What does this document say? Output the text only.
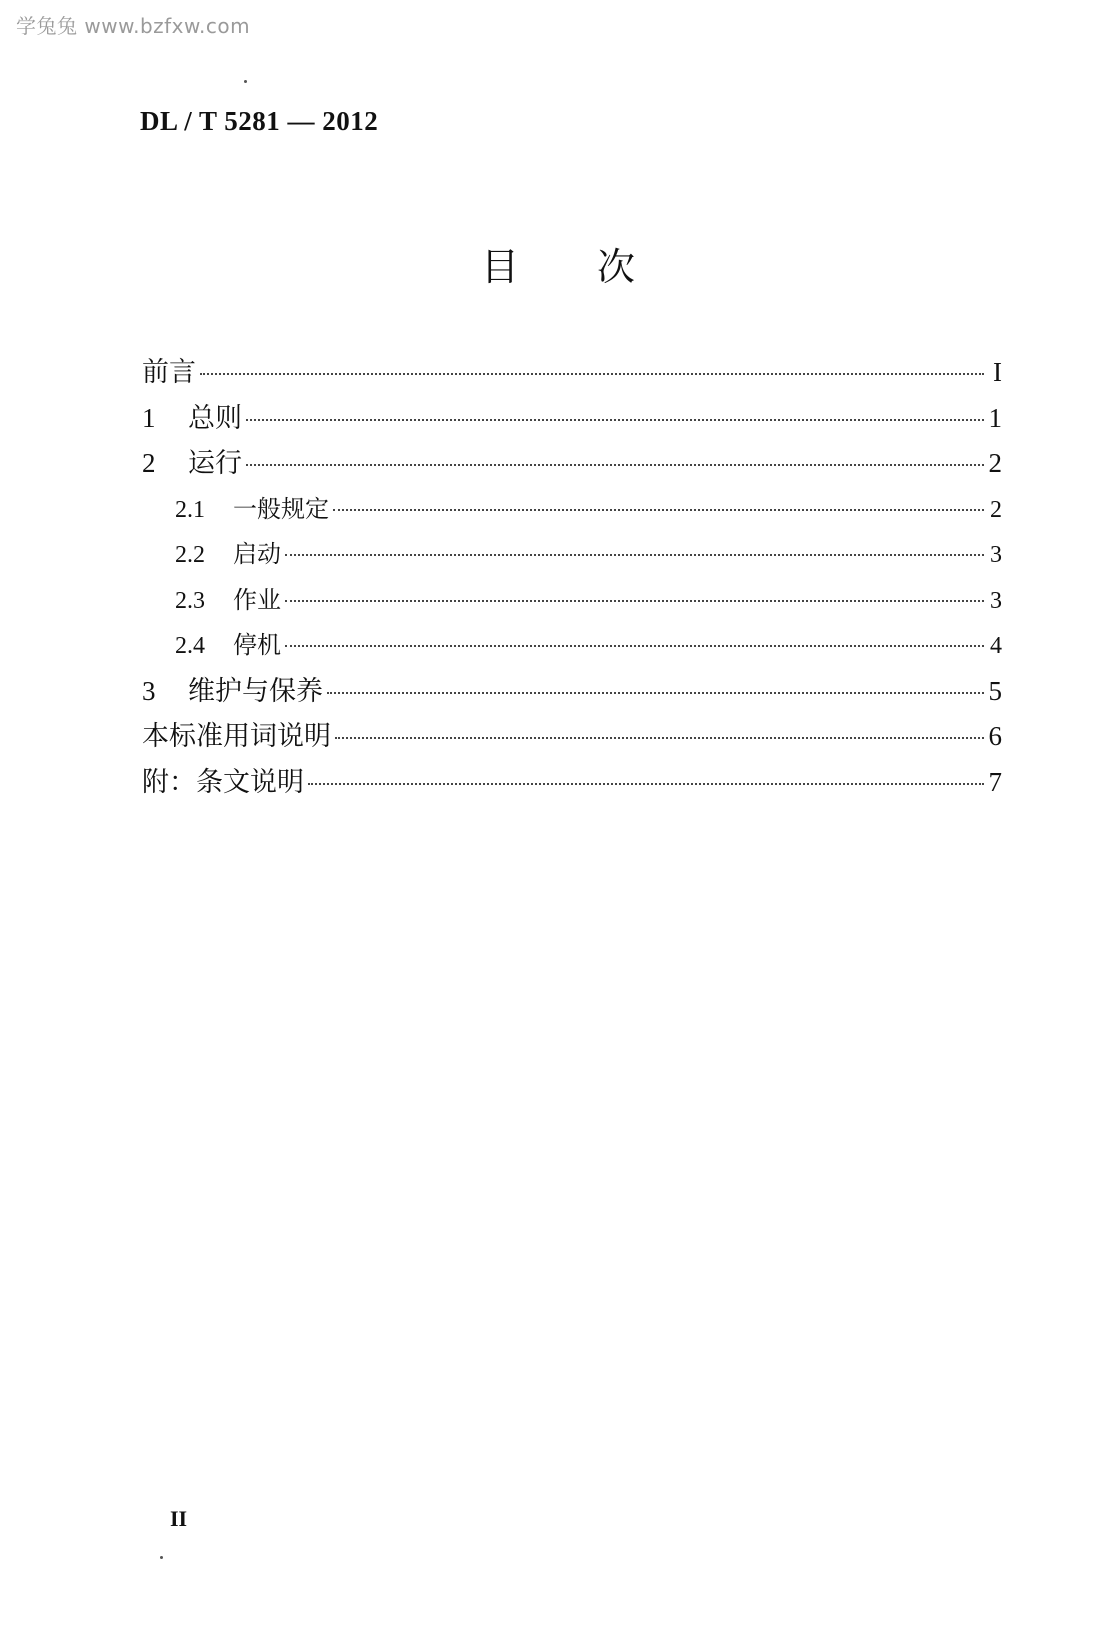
学兔兔 www.bzfxw.com
DL / T 5281 — 2012
目次
前言	I
1	总则	1
2	运行	2
2.1	一般规定	2
2.2	启动	3
2.3	作业	3
2.4	停机	4
3	维护与保养	5
本标准用词说明	6
附：条文说明	7
II
